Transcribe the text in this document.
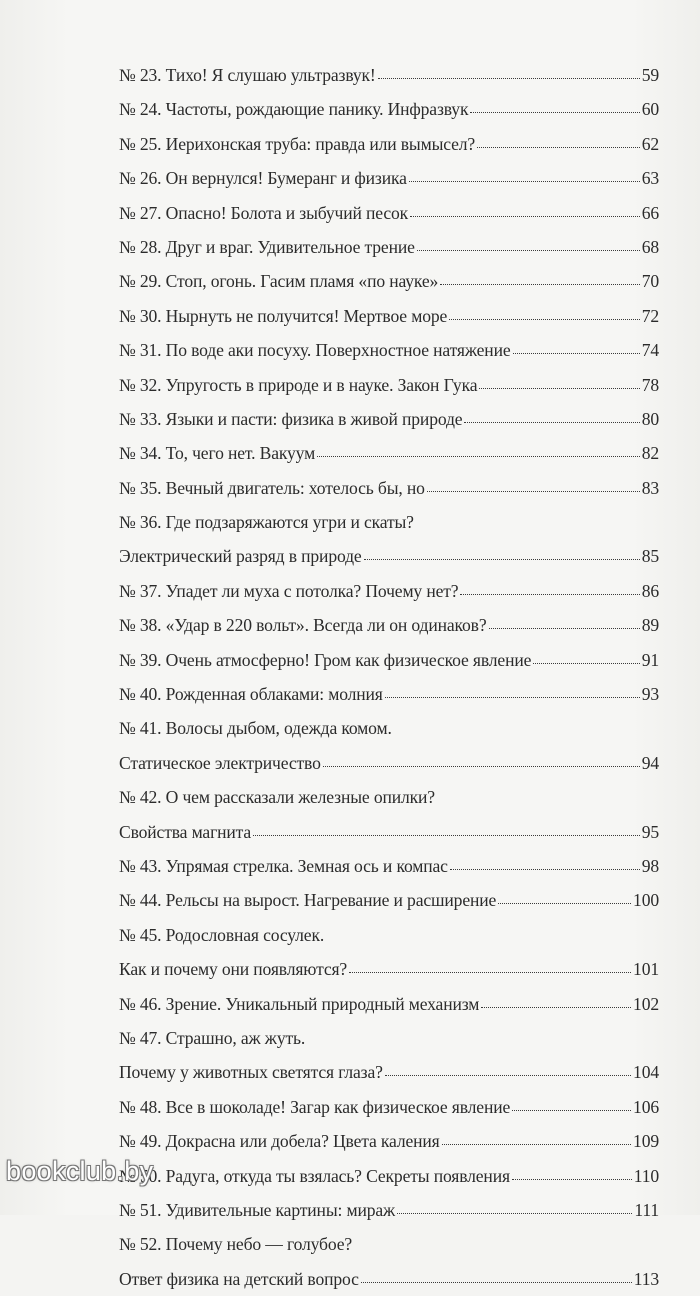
№ 23. Тихо! Я слушаю ультразвук!	59
№ 24. Частоты, рождающие панику. Инфразвук	60
№ 25. Иерихонская труба: правда или вымысел?	62
№ 26. Он вернулся! Бумеранг и физика	63
№ 27. Опасно! Болота и зыбучий песок	66
№ 28. Друг и враг. Удивительное трение	68
№ 29. Стоп, огонь. Гасим пламя «по науке»	70
№ 30. Нырнуть не получится! Мертвое море	72
№ 31. По воде аки посуху. Поверхностное натяжение	74
№ 32. Упругость в природе и в науке. Закон Гука	78
№ 33. Языки и пасти: физика в живой природе	80
№ 34. То, чего нет. Вакуум	82
№ 35. Вечный двигатель: хотелось бы, но	83
№ 36. Где подзаряжаются угри и скаты?
Электрический разряд в природе	85
№ 37. Упадет ли муха с потолка? Почему нет?	86
№ 38. «Удар в 220 вольт». Всегда ли он одинаков?	89
№ 39. Очень атмосферно! Гром как физическое явление	91
№ 40. Рожденная облаками: молния	93
№ 41. Волосы дыбом, одежда комом.
Статическое электричество	94
№ 42. О чем рассказали железные опилки?
Свойства магнита	95
№ 43. Упрямая стрелка. Земная ось и компас	98
№ 44. Рельсы на вырост. Нагревание и расширение	100
№ 45. Родословная сосулек.
Как и почему они появляются?	101
№ 46. Зрение. Уникальный природный механизм	102
№ 47. Страшно, аж жуть.
Почему у животных светятся глаза?	104
№ 48. Все в шоколаде! Загар как физическое явление	106
№ 49. Докрасна или добела? Цвета каления	109
№ 50. Радуга, откуда ты взялась? Секреты появления	110
№ 51. Удивительные картины: мираж	111
№ 52. Почему небо — голубое?
Ответ физика на детский вопрос	113
bookclub.by
